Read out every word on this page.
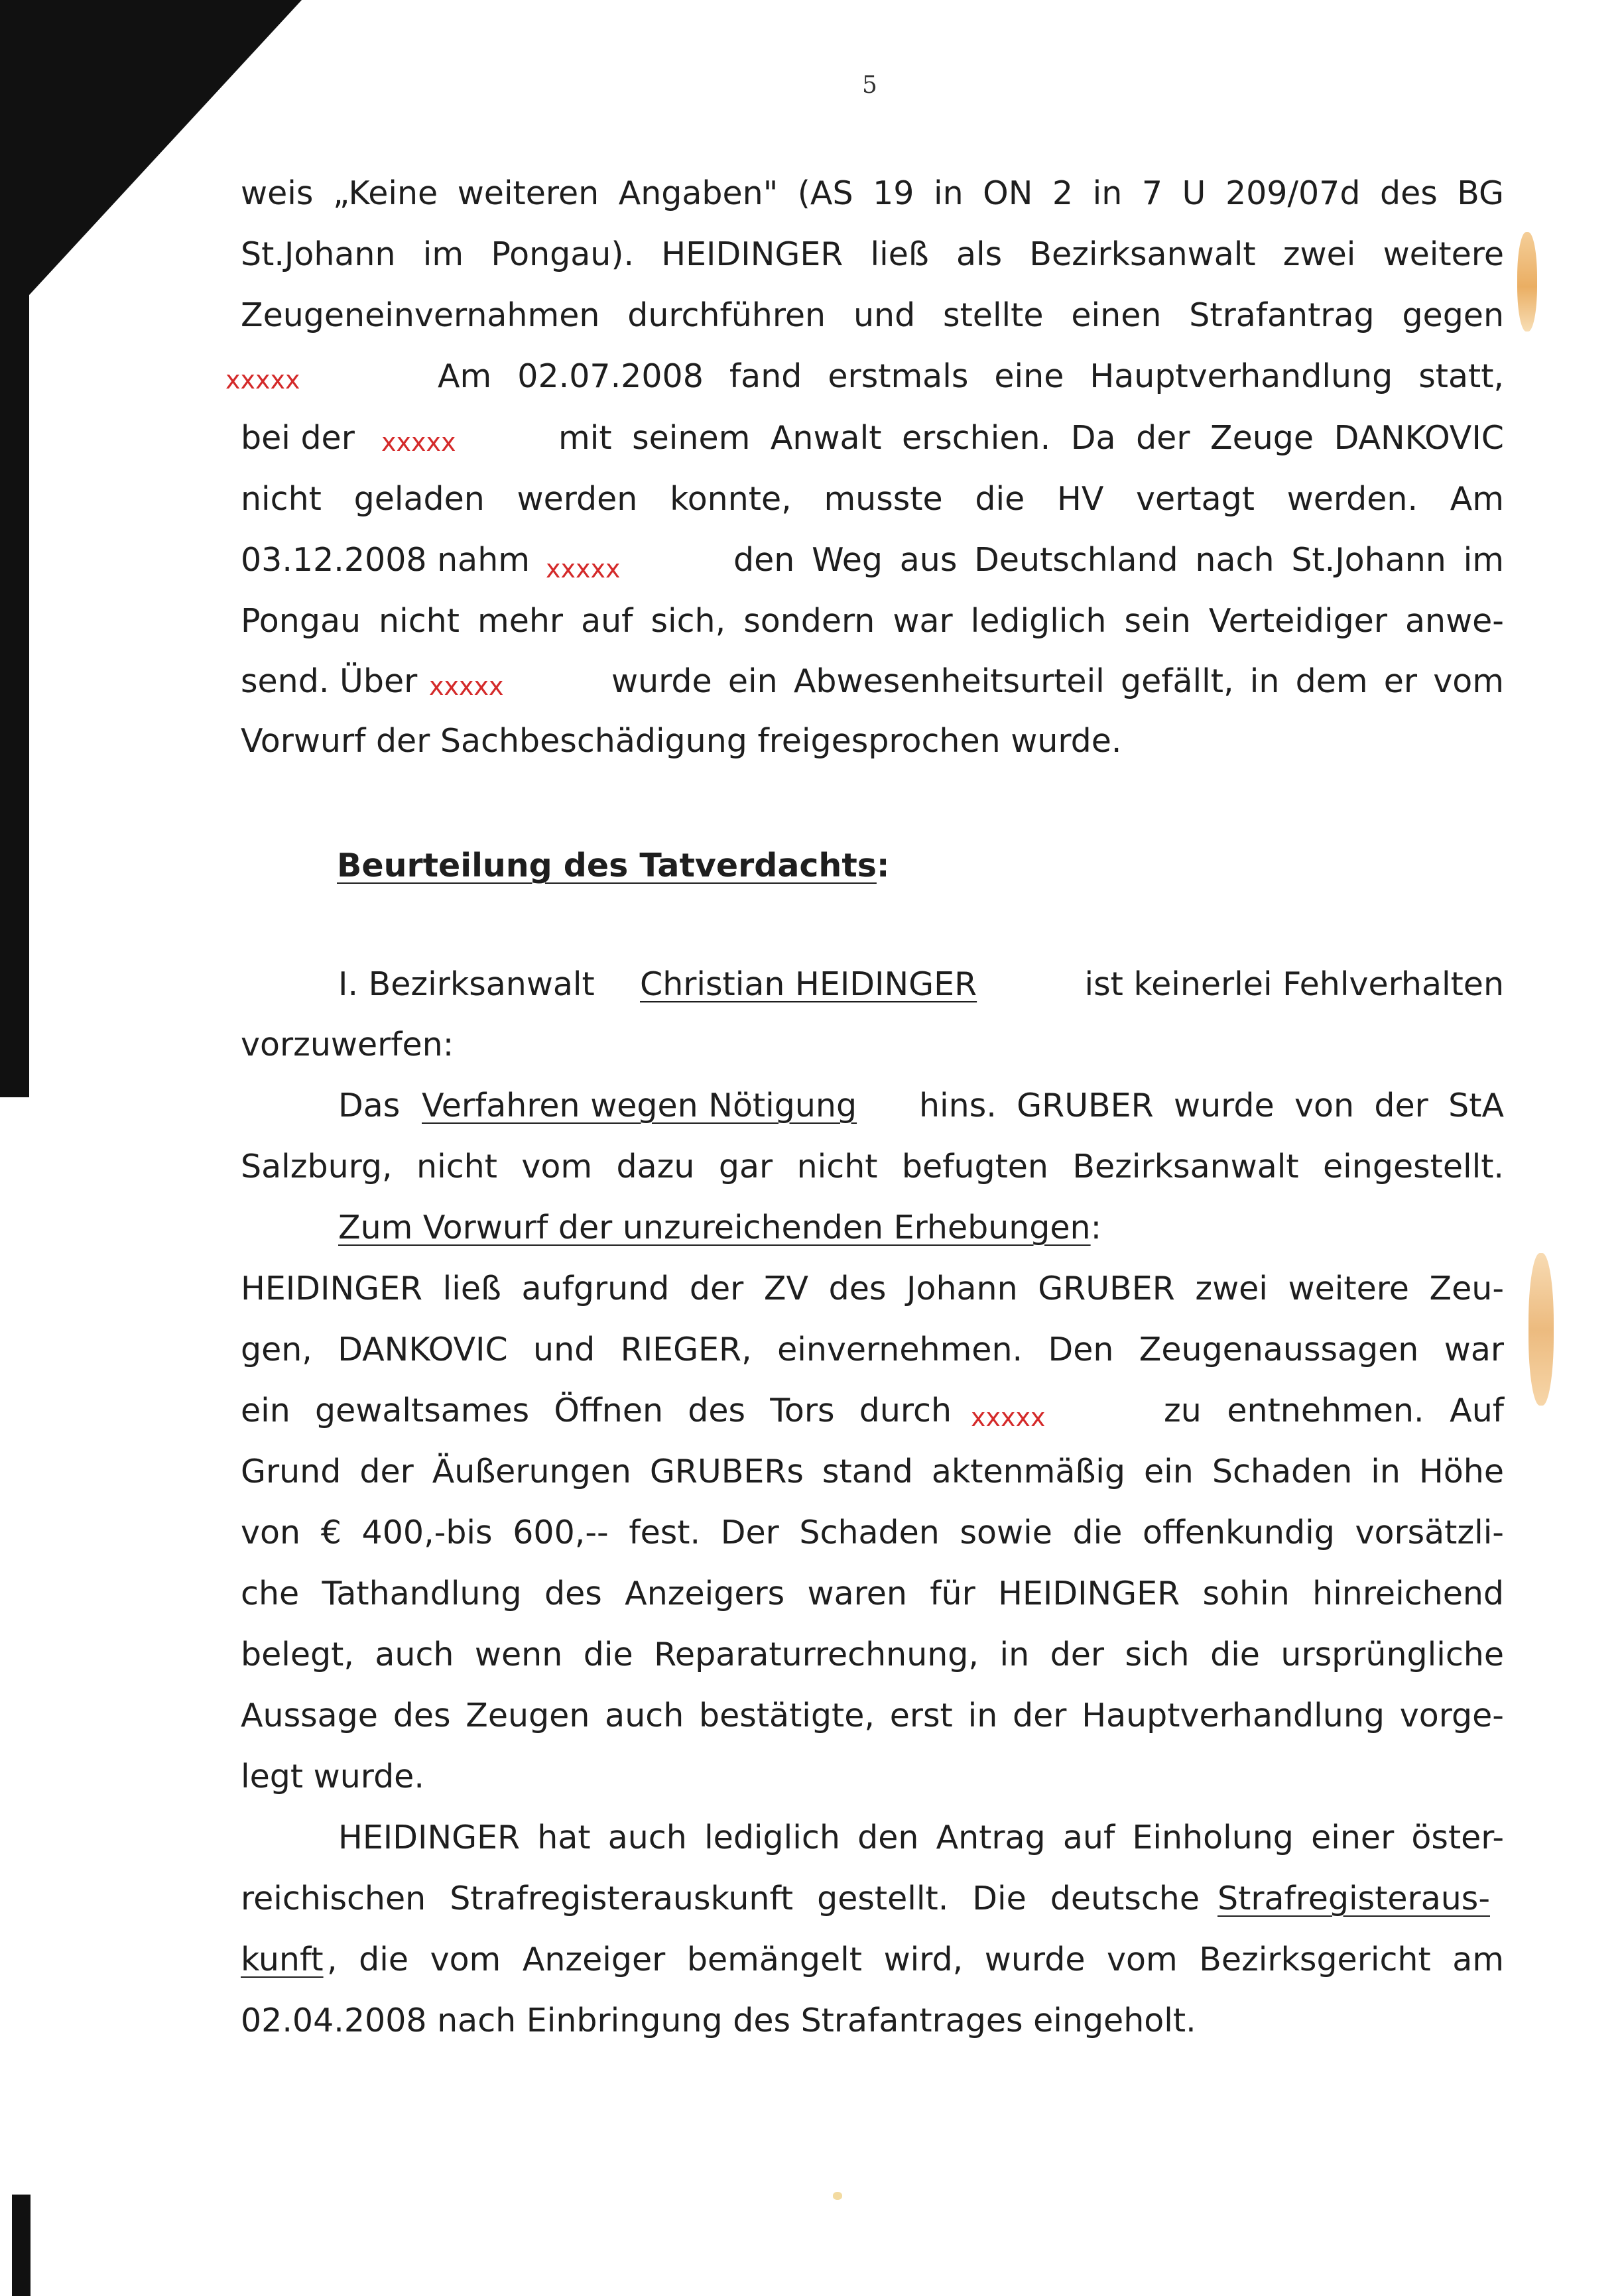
5
weis „Keine weiteren Angaben" (AS 19 in ON 2 in 7 U 209/07d des BG
St.Johann im Pongau). HEIDINGER ließ als Bezirksanwalt zwei weitere
Zeugeneinvernahmen durchführen und stellte einen Strafantrag gegen
xxxxx	Am 02.07.2008 fand erstmals eine Hauptverhandlung statt,
bei der xxxxx	mit seinem Anwalt erschien. Da der Zeuge DANKOVIC
nicht geladen werden konnte, musste die HV vertagt werden. Am
03.12.2008 nahm xxxxx	den Weg aus Deutschland nach St.Johann im
Pongau nicht mehr auf sich, sondern war lediglich sein Verteidiger anwe-
send. Über xxxxx	wurde ein Abwesenheitsurteil gefällt, in dem er vom
Vorwurf der Sachbeschädigung freigesprochen wurde.
Beurteilung des Tatverdachts:
I. Bezirksanwalt Christian HEIDINGER	ist keinerlei Fehlverhalten
vorzuwerfen:
Das Verfahren wegen Nötigung hins. GRUBER wurde von der StA
Salzburg, nicht vom dazu gar nicht befugten Bezirksanwalt eingestellt.
Zum Vorwurf der unzureichenden Erhebungen:
HEIDINGER ließ aufgrund der ZV des Johann GRUBER zwei weitere Zeu-
gen, DANKOVIC und RIEGER, einvernehmen. Den Zeugenaussagen war
ein gewaltsames Öffnen des Tors durch xxxxx	zu entnehmen. Auf
Grund der Äußerungen GRUBERs stand aktenmäßig ein Schaden in Höhe
von € 400,-bis 600,-- fest. Der Schaden sowie die offenkundig vorsätzli-
che Tathandlung des Anzeigers waren für HEIDINGER sohin hinreichend
belegt, auch wenn die Reparaturrechnung, in der sich die ursprüngliche
Aussage des Zeugen auch bestätigte, erst in der Hauptverhandlung vorge-
legt wurde.
HEIDINGER hat auch lediglich den Antrag auf Einholung einer öster-
reichischen Strafregisterauskunft gestellt. Die deutsche Strafregisteraus-
kunft , die vom Anzeiger bemängelt wird, wurde vom Bezirksgericht am
02.04.2008 nach Einbringung des Strafantrages eingeholt.
